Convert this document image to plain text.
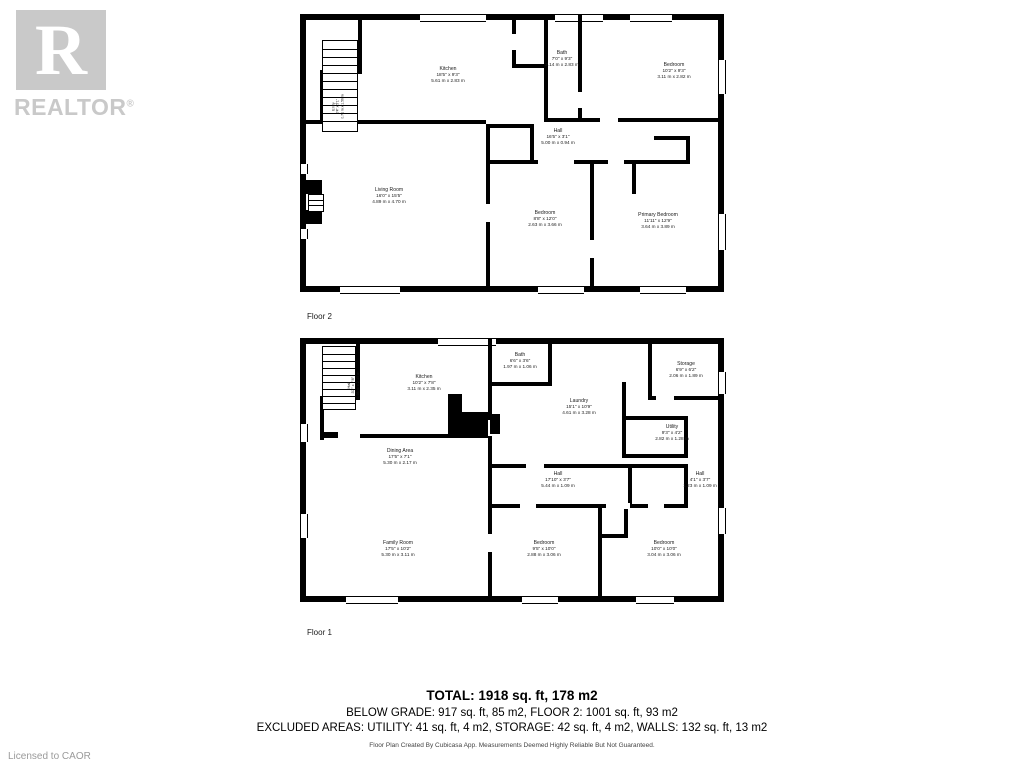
R
REALTOR®
Licensed to CAOR
Kitchen
18'5" x 9'3"
5.61 m x 2.83 m
Bath
7'0" x 9'3"
2.14 m x 2.83 m	Bedroom
10'2" x 9'3"
3.11 m x 2.82 m
Entry 2'4" x 5'1" 0.71 m x 1.56 m
Hall
16'5" x 3'1"
5.00 m x 0.94 m
Living Room
16'0" x 15'5"
4.89 m x 4.70 m
Bedroom
8'8" x 12'0"
2.63 m x 3.66 m
Primary Bedroom
11'11" x 12'9"
3.64 m x 3.89 m
Floor 2
Hall 3'2" x 7'8" 0.98 m x 2.35 m	Kitchen
10'2" x 7'8"
3.11 m x 2.35 m
Bath
6'6" x 3'6"
1.97 m x 1.06 m	Storage
6'9" x 6'2"
2.06 m x 1.89 m
Laundry
15'1" x 10'9"
4.61 m x 3.28 m
Utility
9'3" x 4'2"
2.82 m x 1.28 m
Dining Area
17'5" x 7'1"
5.30 m x 2.17 m
Hall
17'10" x 3'7"
5.44 m x 1.09 m
Hall
4'1" x 3'7"
1.23 m x 1.09 m
Family Room
17'5" x 10'2"
5.30 m x 3.11 m
Bedroom
9'5" x 10'0"
2.88 m x 3.06 m
Bedroom
10'0" x 10'0"
3.04 m x 3.06 m
Floor 1
TOTAL: 1918 sq. ft, 178 m2
BELOW GRADE: 917 sq. ft, 85 m2, FLOOR 2: 1001 sq. ft, 93 m2
EXCLUDED AREAS: UTILITY: 41 sq. ft, 4 m2, STORAGE: 42 sq. ft, 4 m2, WALLS: 132 sq. ft, 13 m2
Floor Plan Created By Cubicasa App. Measurements Deemed Highly Reliable But Not Guaranteed.
